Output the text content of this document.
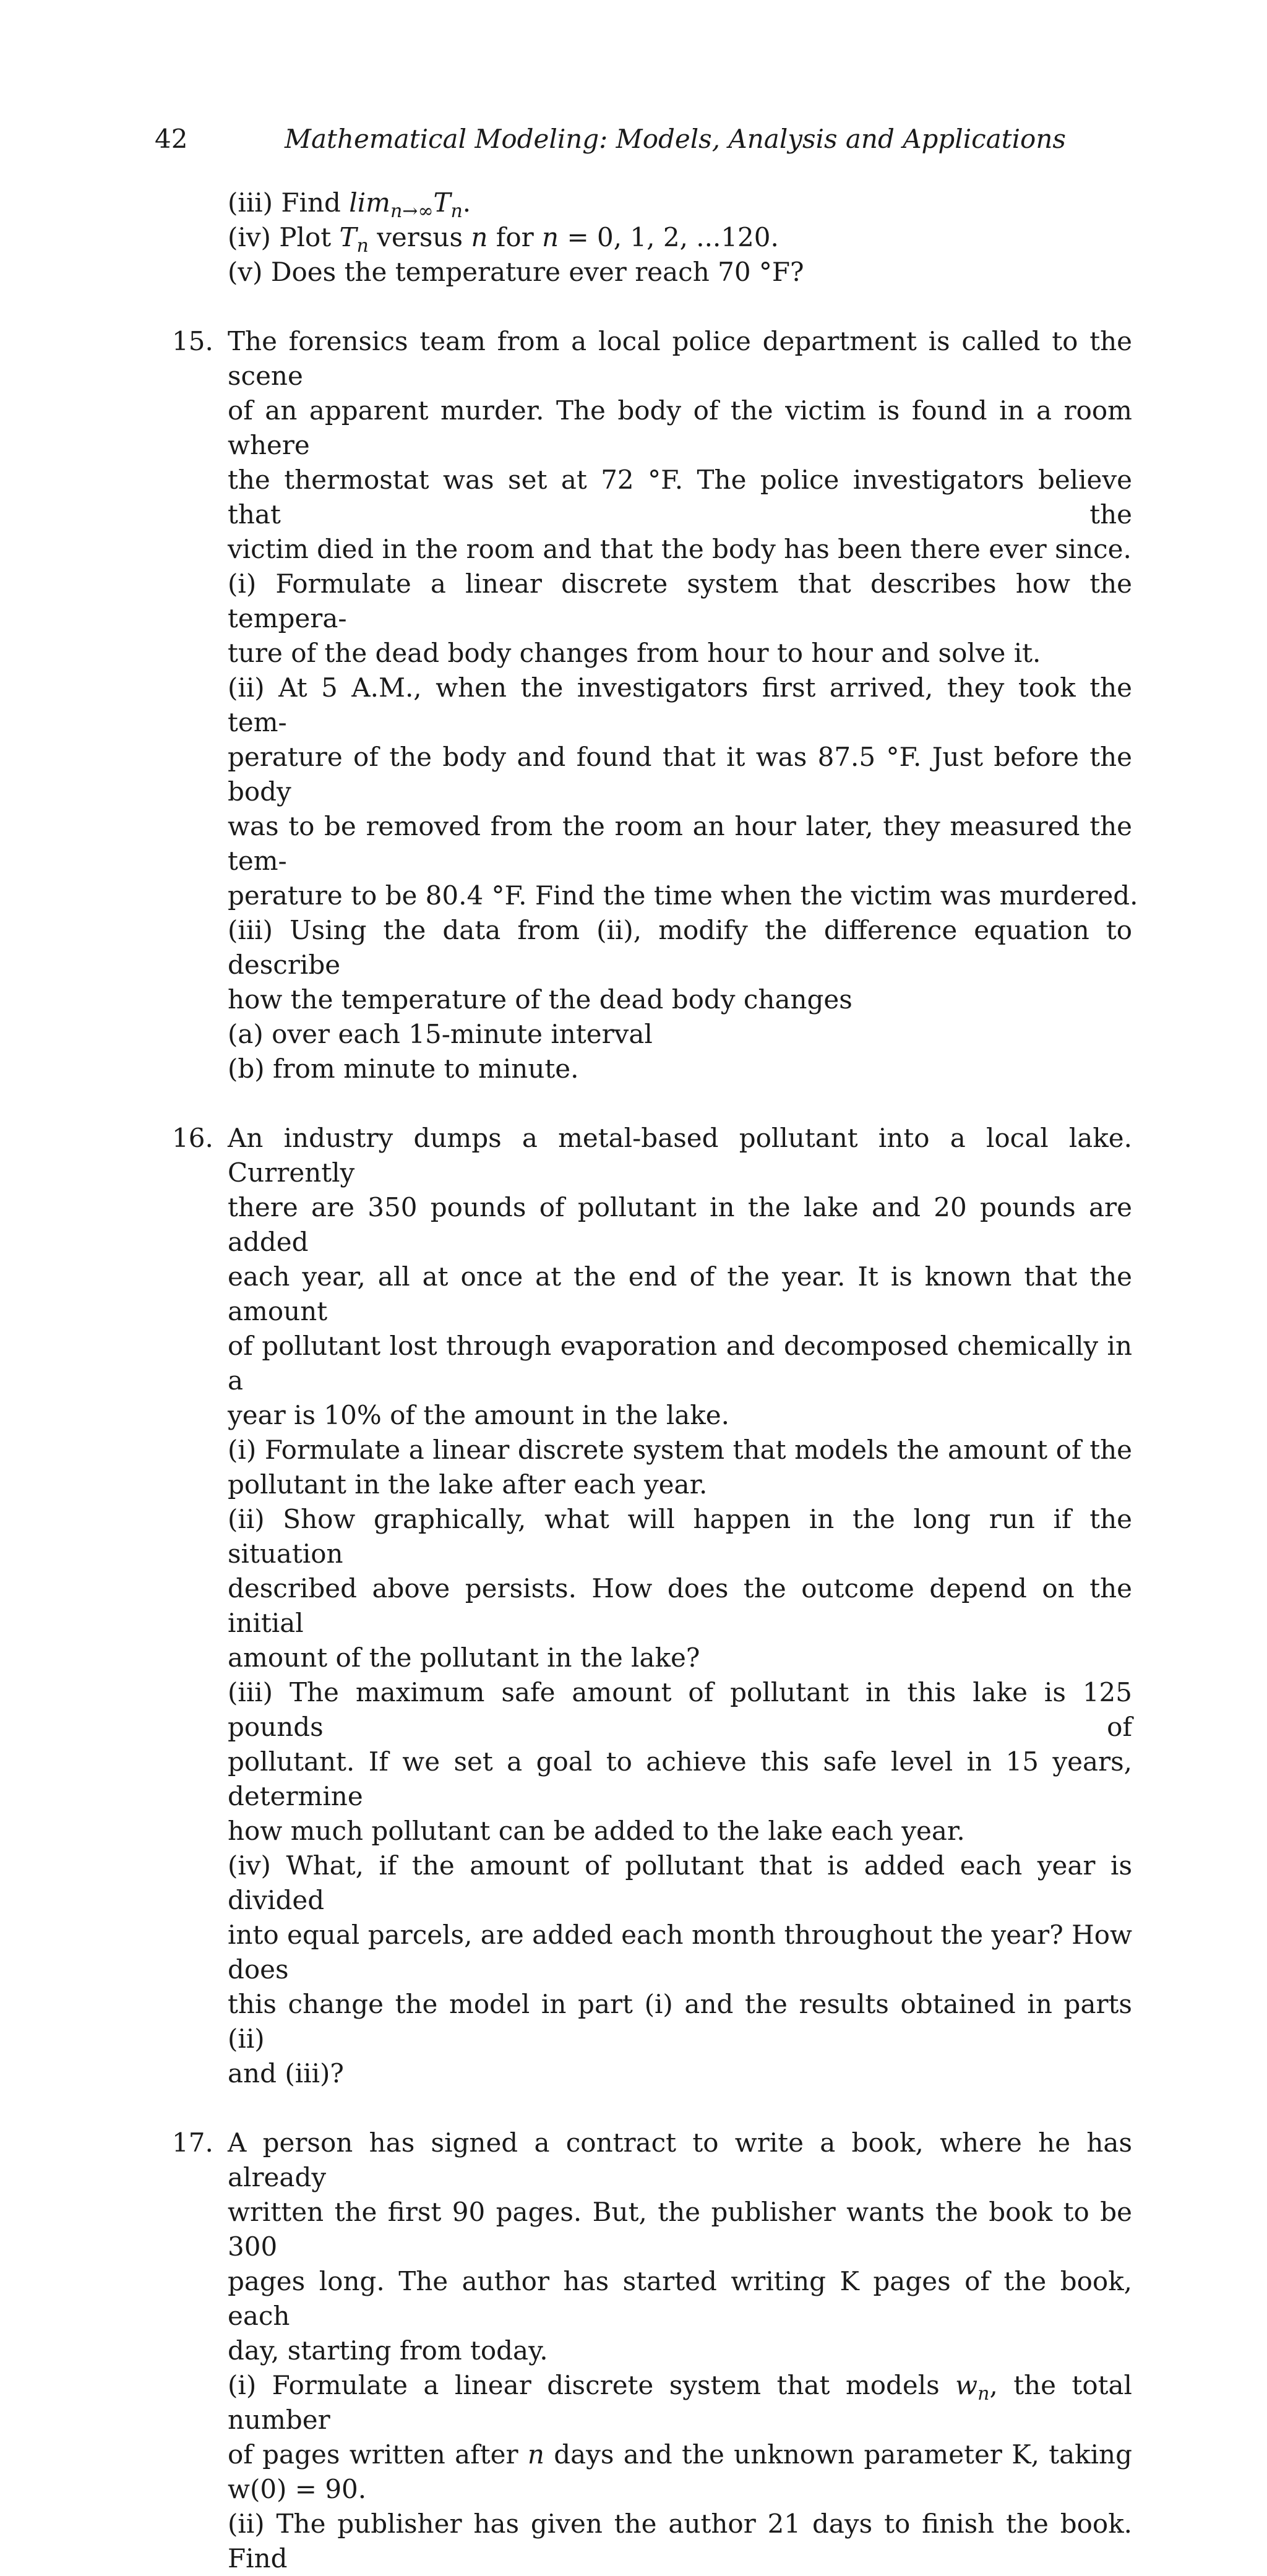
42	Mathematical Modeling: Models, Analysis and Applications
(iii) Find $\lim_{n\to\infty}T_n$.
(iv) Plot $T_n$ versus n for n = 0, 1, 2, ...120.
(v) Does the temperature ever reach 70 °F?
15. The forensics team from a local police department is called to the scene
of an apparent murder. The body of the victim is found in a room where
the thermostat was set at 72 °F. The police investigators believe that the
victim died in the room and that the body has been there ever since.
(i) Formulate a linear discrete system that describes how the tempera-
ture of the dead body changes from hour to hour and solve it.
(ii) At 5 A.M., when the investigators first arrived, they took the tem-
perature of the body and found that it was 87.5 °F. Just before the body
was to be removed from the room an hour later, they measured the tem-
perature to be 80.4 °F. Find the time when the victim was murdered.
(iii) Using the data from (ii), modify the difference equation to describe
how the temperature of the dead body changes
(a) over each 15-minute interval
(b) from minute to minute.
16. An industry dumps a metal-based pollutant into a local lake. Currently
there are 350 pounds of pollutant in the lake and 20 pounds are added
each year, all at once at the end of the year. It is known that the amount
of pollutant lost through evaporation and decomposed chemically in a
year is 10% of the amount in the lake.
(i) Formulate a linear discrete system that models the amount of the
pollutant in the lake after each year.
(ii) Show graphically, what will happen in the long run if the situation
described above persists. How does the outcome depend on the initial
amount of the pollutant in the lake?
(iii) The maximum safe amount of pollutant in this lake is 125 pounds of
pollutant. If we set a goal to achieve this safe level in 15 years, determine
how much pollutant can be added to the lake each year.
(iv) What, if the amount of pollutant that is added each year is divided
into equal parcels, are added each month throughout the year? How does
this change the model in part (i) and the results obtained in parts (ii)
and (iii)?
17. A person has signed a contract to write a book, where he has already
written the first 90 pages. But, the publisher wants the book to be 300
pages long. The author has started writing K pages of the book, each
day, starting from today.
(i) Formulate a linear discrete system that models $w_n$, the total number
of pages written after n days and the unknown parameter K, taking
w(0) = 90.
(ii) The publisher has given the author 21 days to finish the book. Find
